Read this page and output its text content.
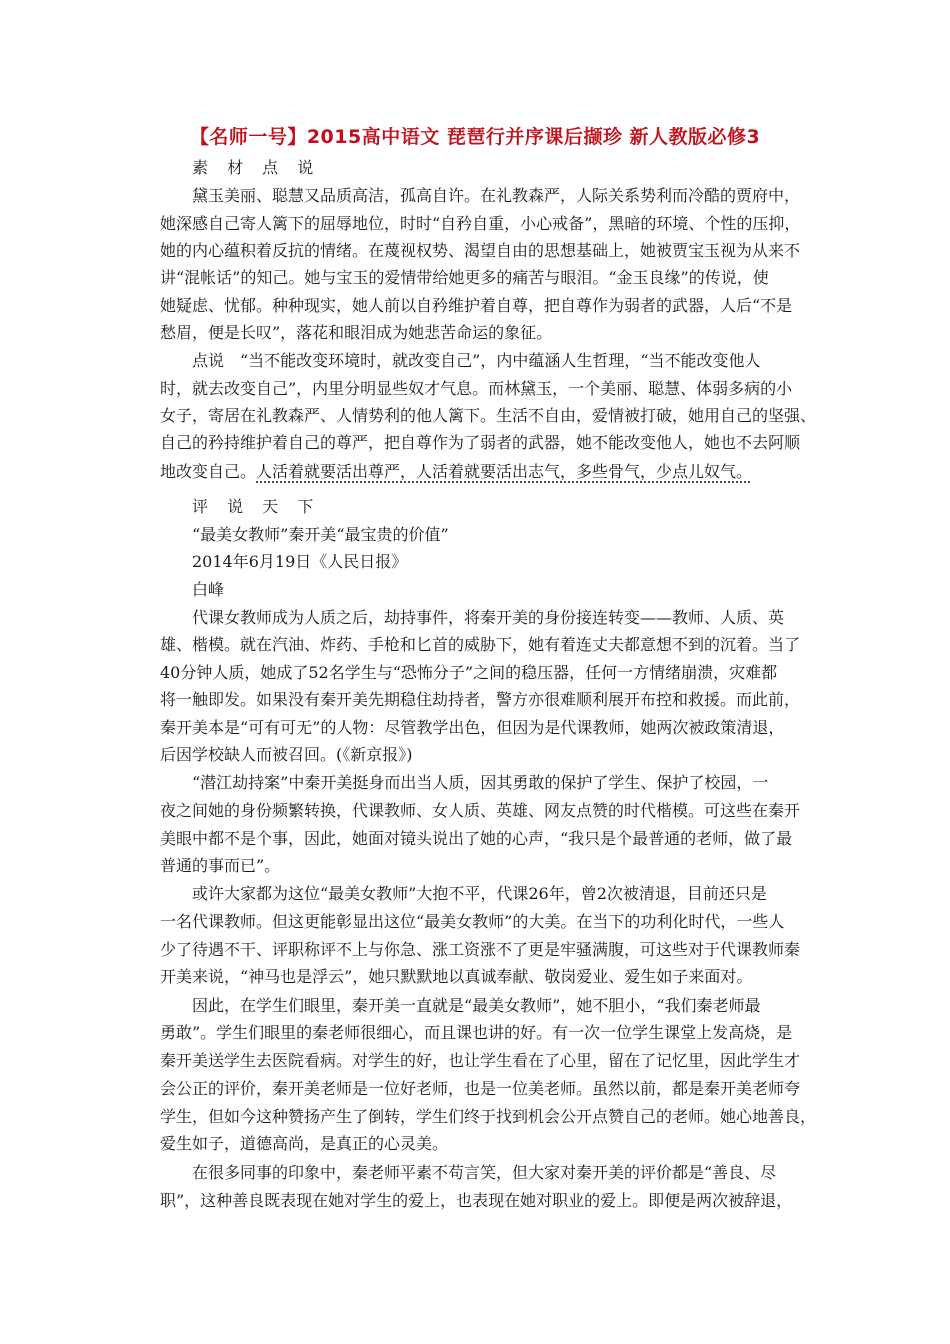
【名师一号】2015高中语文 琵琶行并序课后撷珍 新人教版必修3
素 材 点 说
黛玉美丽、聪慧又品质高洁，孤高自许。在礼教森严，人际关系势利而冷酷的贾府中，
她深感自己寄人篱下的屈辱地位，时时“自矜自重，小心戒备”，黑暗的环境、个性的压抑，
她的内心蕴积着反抗的情绪。在蔑视权势、渴望自由的思想基础上，她被贾宝玉视为从来不
讲“混帐话”的知己。她与宝玉的爱情带给她更多的痛苦与眼泪。“金玉良缘”的传说，使
她疑虑、忧郁。种种现实，她人前以自矜维护着自尊，把自尊作为弱者的武器，人后“不是
愁眉，便是长叹”，落花和眼泪成为她悲苦命运的象征。
点说　“当不能改变环境时，就改变自己”，内中蕴涵人生哲理，“当不能改变他人
时，就去改变自己”，内里分明显些奴才气息。而林黛玉，一个美丽、聪慧、体弱多病的小
女子，寄居在礼教森严、人情势利的他人篱下。生活不自由，爱情被打破，她用自己的坚强、
自己的矜持维护着自己的尊严，把自尊作为了弱者的武器，她不能改变他人，她也不去阿顺
地改变自己。人活着就要活出尊严，人活着就要活出志气，多些骨气，少点儿奴气。
评 说 天 下
“最美女教师”秦开美“最宝贵的价值”
2014年6月19日《人民日报》
白峰
代课女教师成为人质之后，劫持事件，将秦开美的身份接连转变——教师、人质、英
雄、楷模。就在汽油、炸药、手枪和匕首的威胁下，她有着连丈夫都意想不到的沉着。当了
40分钟人质，她成了52名学生与“恐怖分子”之间的稳压器，任何一方情绪崩溃，灾难都
将一触即发。如果没有秦开美先期稳住劫持者，警方亦很难顺利展开布控和救援。而此前，
秦开美本是“可有可无”的人物：尽管教学出色，但因为是代课教师，她两次被政策清退，
后因学校缺人而被召回。(《新京报》)
“潜江劫持案”中秦开美挺身而出当人质，因其勇敢的保护了学生、保护了校园，一
夜之间她的身份频繁转换，代课教师、女人质、英雄、网友点赞的时代楷模。可这些在秦开
美眼中都不是个事，因此，她面对镜头说出了她的心声，“我只是个最普通的老师，做了最
普通的事而已”。
或许大家都为这位“最美女教师”大抱不平，代课26年，曾2次被清退，目前还只是
一名代课教师。但这更能彰显出这位“最美女教师”的大美。在当下的功利化时代，一些人
少了待遇不干、评职称评不上与你急、涨工资涨不了更是牢骚满腹，可这些对于代课教师秦
开美来说，“神马也是浮云”，她只默默地以真诚奉献、敬岗爱业、爱生如子来面对。
因此，在学生们眼里，秦开美一直就是“最美女教师”，她不胆小，“我们秦老师最
勇敢”。学生们眼里的秦老师很细心，而且课也讲的好。有一次一位学生课堂上发高烧，是
秦开美送学生去医院看病。对学生的好，也让学生看在了心里，留在了记忆里，因此学生才
会公正的评价，秦开美老师是一位好老师，也是一位美老师。虽然以前，都是秦开美老师夸
学生，但如今这种赞扬产生了倒转，学生们终于找到机会公开点赞自己的老师。她心地善良，
爱生如子，道德高尚，是真正的心灵美。
在很多同事的印象中，秦老师平素不苟言笑，但大家对秦开美的评价都是“善良、尽
职”，这种善良既表现在她对学生的爱上，也表现在她对职业的爱上。即便是两次被辞退，
